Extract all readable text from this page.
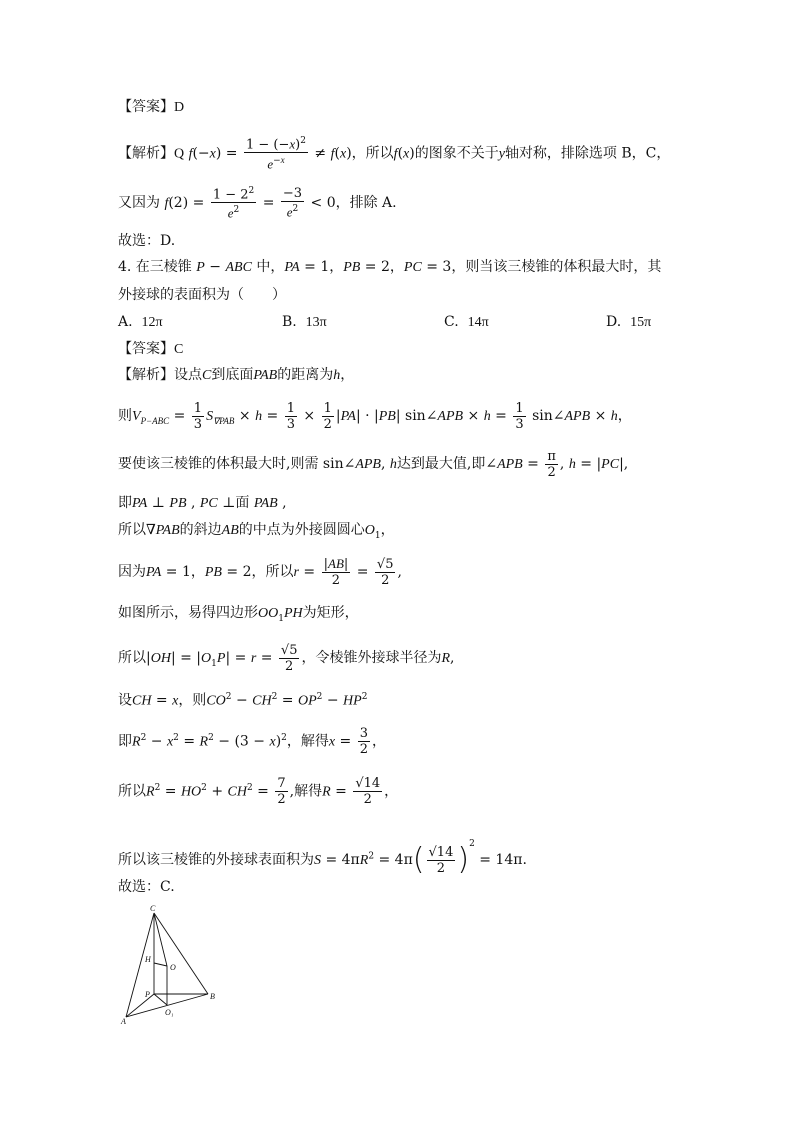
【答案】D
【解析】Q $f(-x) = \frac{1 - (-x)^2}{e^{-x}} \ne f(x)$，所以f(x)的图象不关于y轴对称，排除选项 B，C，
又因为 $f(2) = \frac{1 - 2^2}{e^2} = \frac{-3}{e^2} < 0$，排除 A.
故选：D.
4. 在三棱锥 P − ABC 中，PA = 1，PB = 2，PC = 3，则当该三棱锥的体积最大时，其
外接球的表面积为（　　）
A. 12π	B. 13π	C. 14π	D. 15π
【答案】C
【解析】设点C到底面PAB的距离为h，
则$V_{P-ABC} = \frac{1}{3} S_{\nabla PAB} \times h = \frac{1}{3} \times \frac{1}{2} |PA| \cdot |PB|$ sin∠APB × $h = \frac{1}{3}$ sin∠APB × h，
要使该三棱锥的体积最大时,则需 sin∠APB, h达到最大值,即∠APB = $\frac{\pi}{2}$ , h = |PC|,
即PA ⊥ PB , PC ⊥面 PAB ,
所以∇PAB的斜边AB的中点为外接圆圆心$O_1$，
因为PA = 1，PB = 2，所以$r = \frac{|AB|}{2} = \frac{√5}{2}$ ,
如图所示，易得四边形$OO_1PH$为矩形，
所以$|OH| = |O_1P| = r = \frac{√5}{2}$ ，令棱锥外接球半径为R,
设CH = x，则$CO^2 - CH^2 = OP^2 - HP^2$
即$R^2 - x^2 = R^2 - (3 - x)^2$，解得$x = \frac{3}{2}$ ，
所以$R^2 = HO^2 + CH^2 = \frac{7}{2}$ ,解得$R = \frac{√14}{2}$ ，
所以该三棱锥的外接球表面积为$S = 4\pi R^2 = 4\pi( \frac{√14}{2} )^2 = 14\pi$.
故选：C.
C
H
O
P	B
A
O₁
